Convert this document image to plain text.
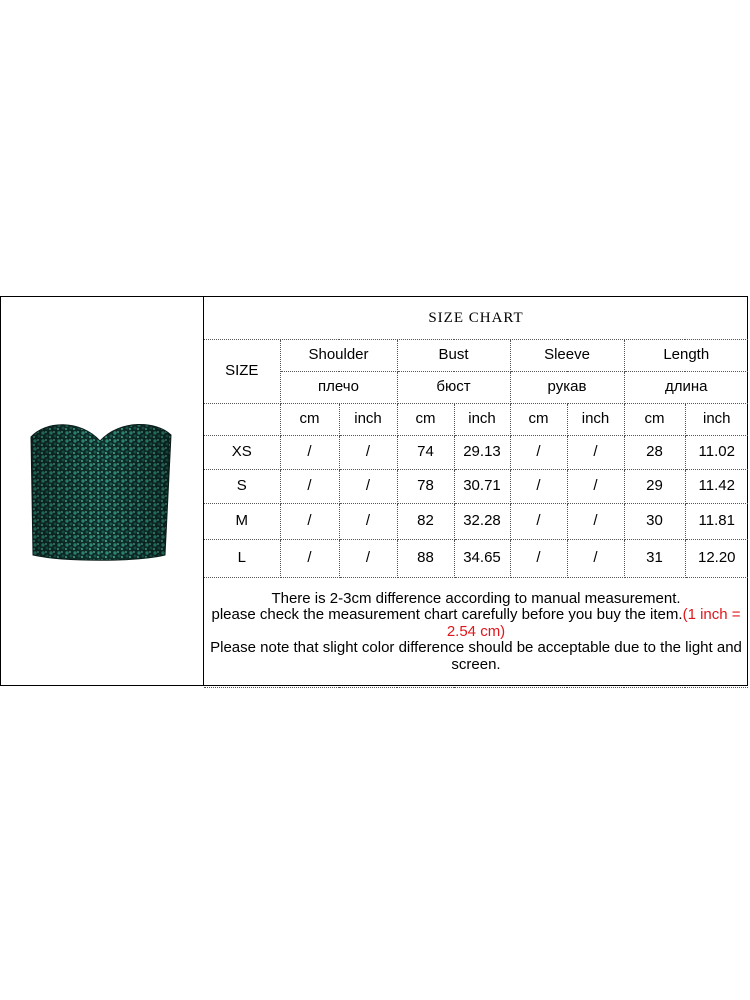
SIZE CHART								
SIZE	Shoulder		Bust		Sleeve		Length	
	плечо		бюст		рукав		длина	
	cm	inch	cm	inch	cm	inch	cm	inch
XS	/	/	74	29.13	/	/	28	11.02
S	/	/	78	30.71	/	/	29	11.42
M	/	/	82	32.28	/	/	30	11.81
L	/	/	88	34.65	/	/	31	12.20

There is 2-3cm difference according to manual measurement.
please check the measurement chart carefully before you buy the item.(1 inch = 2.54 cm)
Please note that slight color difference should be acceptable due to the light and screen.								
